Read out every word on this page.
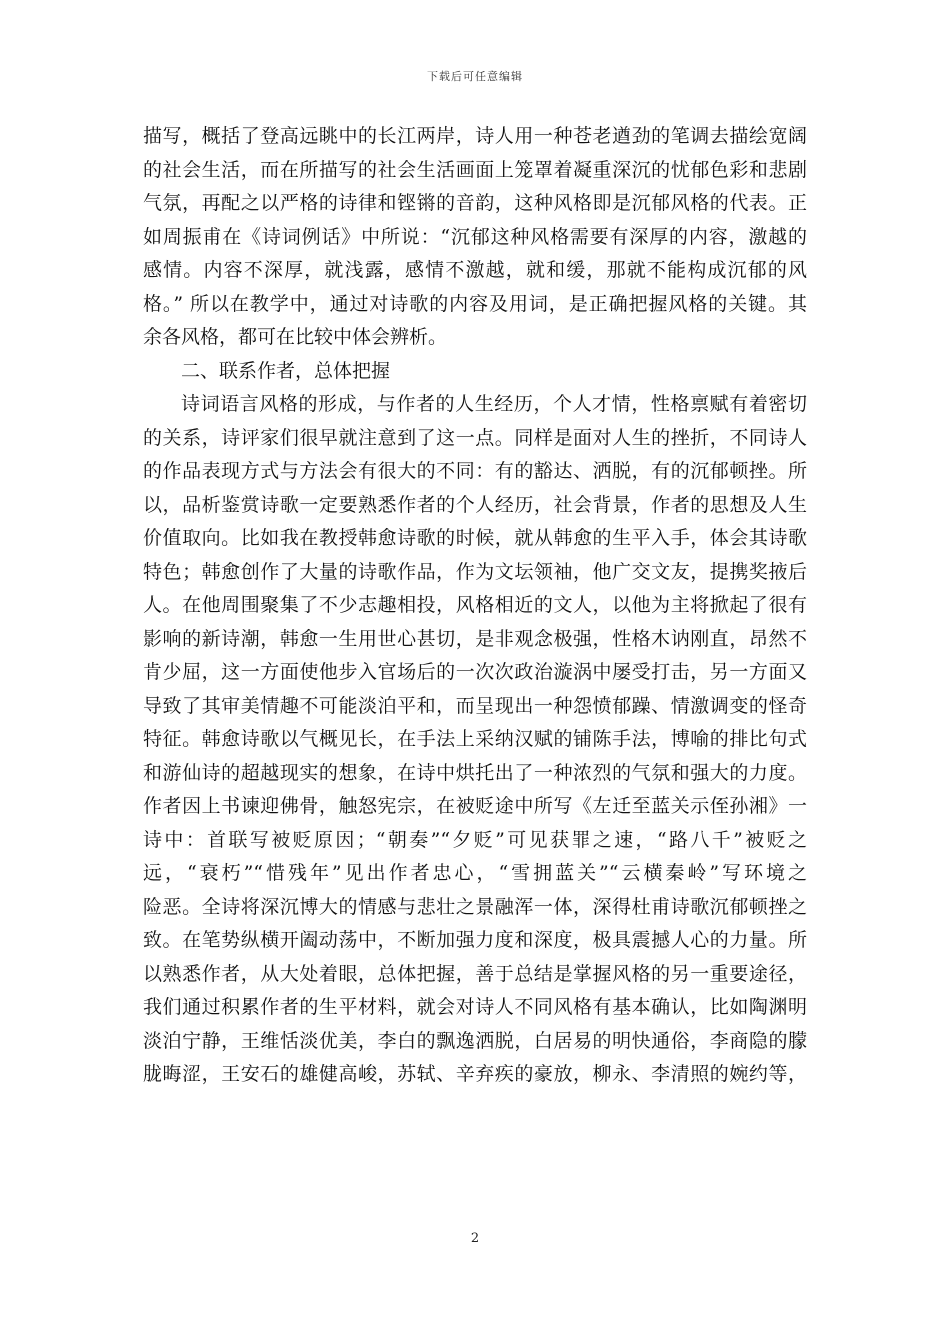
下载后可任意编辑
描写，概括了登高远眺中的长江两岸，诗人用一种苍老遒劲的笔调去描绘宽阔
的社会生活，而在所描写的社会生活画面上笼罩着凝重深沉的忧郁色彩和悲剧
气氛，再配之以严格的诗律和铿锵的音韵，这种风格即是沉郁风格的代表。正
如周振甫在《诗词例话》中所说：“沉郁这种风格需要有深厚的内容，激越的
感情。内容不深厚，就浅露，感情不激越，就和缓，那就不能构成沉郁的风
格。” 所以在教学中，通过对诗歌的内容及用词，是正确把握风格的关键。其
余各风格，都可在比较中体会辨析。
二、联系作者，总体把握
诗词语言风格的形成，与作者的人生经历，个人才情，性格禀赋有着密切
的关系，诗评家们很早就注意到了这一点。同样是面对人生的挫折，不同诗人
的作品表现方式与方法会有很大的不同：有的豁达、洒脱，有的沉郁顿挫。所
以，品析鉴赏诗歌一定要熟悉作者的个人经历，社会背景，作者的思想及人生
价值取向。比如我在教授韩愈诗歌的时候，就从韩愈的生平入手，体会其诗歌
特色；韩愈创作了大量的诗歌作品，作为文坛领袖，他广交文友，提携奖掖后
人。在他周围聚集了不少志趣相投，风格相近的文人，以他为主将掀起了很有
影响的新诗潮，韩愈一生用世心甚切，是非观念极强，性格木讷刚直，昂然不
肯少屈，这一方面使他步入官场后的一次次政治漩涡中屡受打击，另一方面又
导致了其审美情趣不可能淡泊平和，而呈现出一种怨愤郁躁、情激调变的怪奇
特征。韩愈诗歌以气概见长，在手法上采纳汉赋的铺陈手法，博喻的排比句式
和游仙诗的超越现实的想象，在诗中烘托出了一种浓烈的气氛和强大的力度。
作者因上书谏迎佛骨，触怒宪宗，在被贬途中所写《左迁至蓝关示侄孙湘》一
诗中：首联写被贬原因；“朝奏”“夕贬”可见获罪之速，“路八千”被贬之
远，“衰朽”“惜残年”见出作者忠心，“雪拥蓝关”“云横秦岭”写环境之
险恶。全诗将深沉博大的情感与悲壮之景融浑一体，深得杜甫诗歌沉郁顿挫之
致。在笔势纵横开阖动荡中，不断加强力度和深度，极具震撼人心的力量。所
以熟悉作者，从大处着眼，总体把握，善于总结是掌握风格的另一重要途径，
我们通过积累作者的生平材料，就会对诗人不同风格有基本确认，比如陶渊明
淡泊宁静，王维恬淡优美，李白的飘逸洒脱，白居易的明快通俗，李商隐的朦
胧晦涩，王安石的雄健高峻，苏轼、辛弃疾的豪放，柳永、李清照的婉约等，
2
